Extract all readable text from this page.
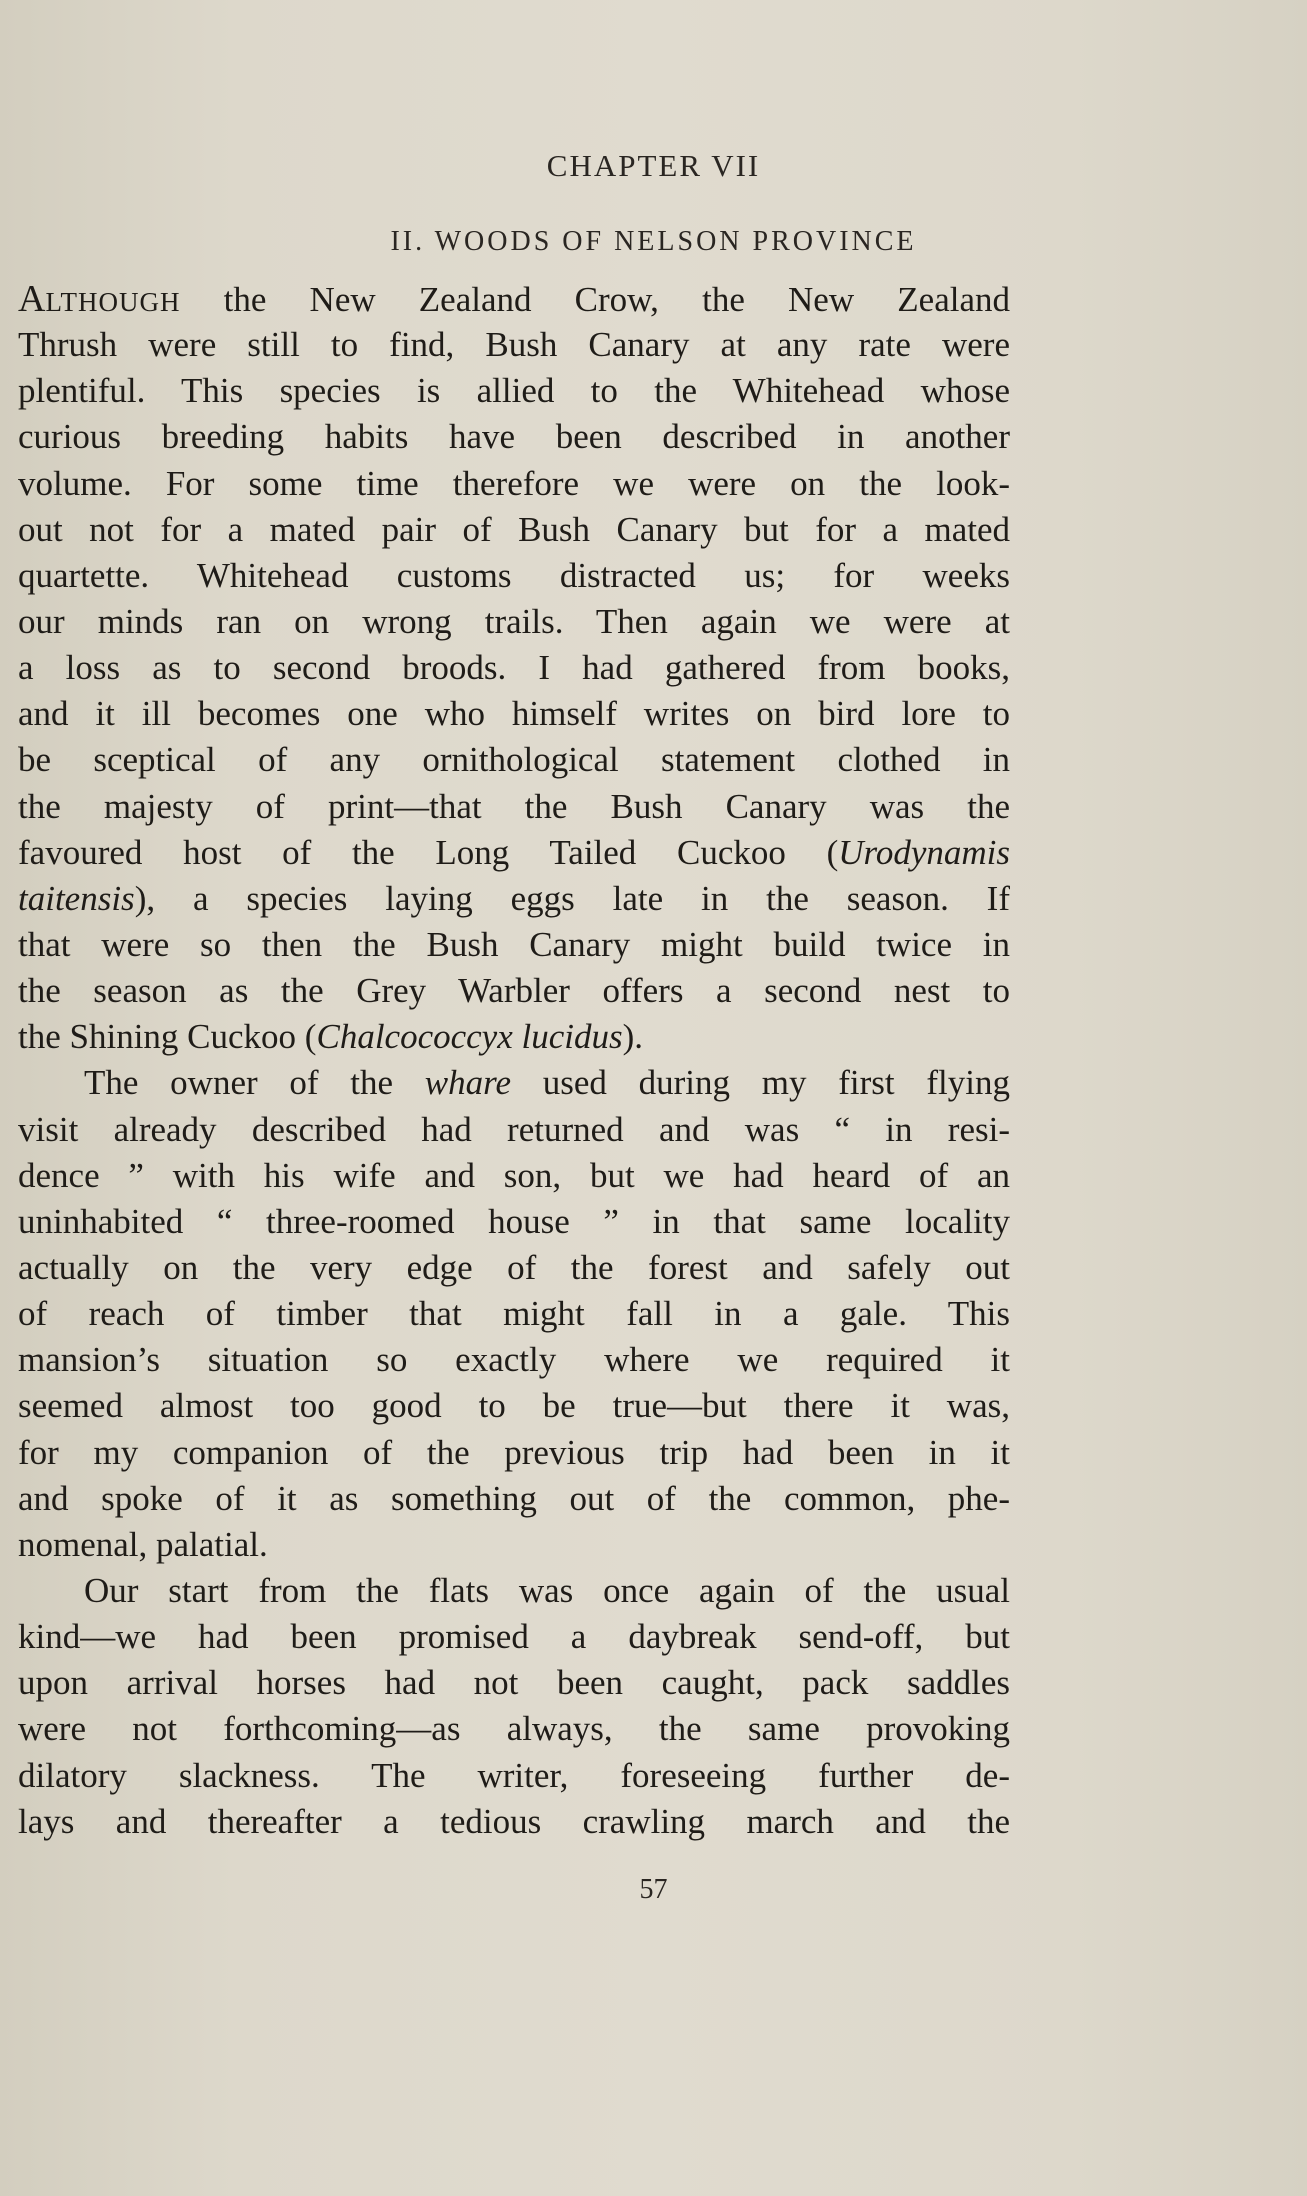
CHAPTER VII
II. WOODS OF NELSON PROVINCE
ALTHOUGH the New Zealand Crow, the New Zealand
Thrush were still to find, Bush Canary at any rate were
plentiful. This species is allied to the Whitehead whose
curious breeding habits have been described in another
volume. For some time therefore we were on the look-
out not for a mated pair of Bush Canary but for a mated
quartette. Whitehead customs distracted us; for weeks
our minds ran on wrong trails. Then again we were at
a loss as to second broods. I had gathered from books,
and it ill becomes one who himself writes on bird lore to
be sceptical of any ornithological statement clothed in
the majesty of print—that the Bush Canary was the
favoured host of the Long Tailed Cuckoo (Urodynamis
taitensis), a species laying eggs late in the season. If
that were so then the Bush Canary might build twice in
the season as the Grey Warbler offers a second nest to
the Shining Cuckoo (Chalcococcyx lucidus).
The owner of the whare used during my first flying
visit already described had returned and was “ in resi-
dence ” with his wife and son, but we had heard of an
uninhabited “ three-roomed house ” in that same locality
actually on the very edge of the forest and safely out
of reach of timber that might fall in a gale. This
mansion’s situation so exactly where we required it
seemed almost too good to be true—but there it was,
for my companion of the previous trip had been in it
and spoke of it as something out of the common, phe-
nomenal, palatial.
Our start from the flats was once again of the usual
kind—we had been promised a daybreak send-off, but
upon arrival horses had not been caught, pack saddles
were not forthcoming—as always, the same provoking
dilatory slackness. The writer, foreseeing further de-
lays and thereafter a tedious crawling march and the
57
